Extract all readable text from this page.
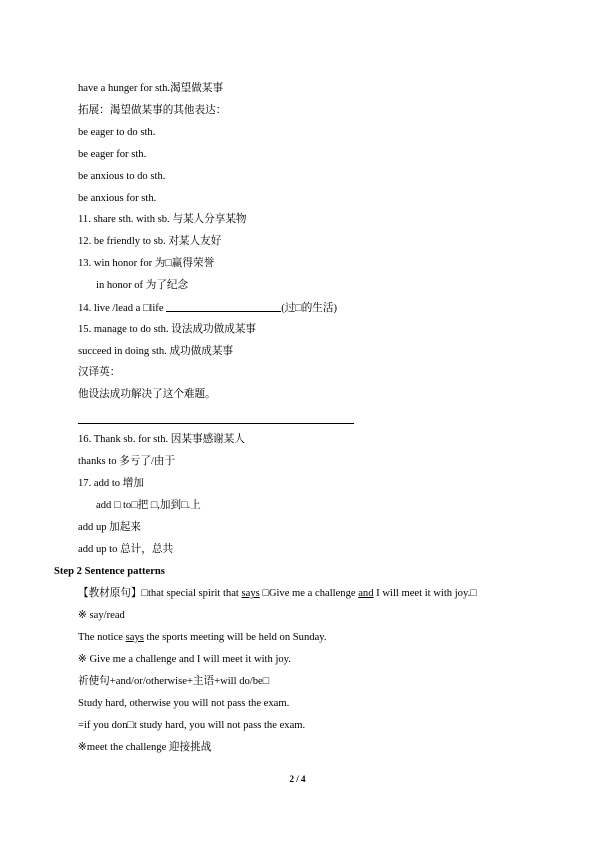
have a hunger for sth.渴望做某事
拓展：渴望做某事的其他表达：
be eager to do sth.
be eager for sth.
be anxious to do sth.
be anxious for sth.
11. share sth. with sb. 与某人分享某物
12. be friendly to sb. 对某人友好
13. win honor for 为□赢得荣誉
in honor of 为了纪念
14. live /lead a □life	(过□的生活)
15. manage to do sth. 设法成功做成某事
succeed in doing sth. 成功做成某事
汉译英：
他设法成功解决了这个难题。
16. Thank sb. for sth. 因某事感谢某人
thanks to 多亏了/由于
17. add to 增加
add □ to□把 □,加到□.上
add up 加起来
add up to 总计，总共
Step 2 Sentence patterns
【教材原句】□that special spirit that says □Give me a challenge and I will meet it with joy.□
※ say/read
The notice says the sports meeting will be held on Sunday.
※ Give me a challenge and I will meet it with joy.
祈使句+and/or/otherwise+主语+will do/be□
Study hard, otherwise you will not pass the exam.
=if you don□t study hard, you will not pass the exam.
※meet the challenge 迎接挑战
2 / 4
